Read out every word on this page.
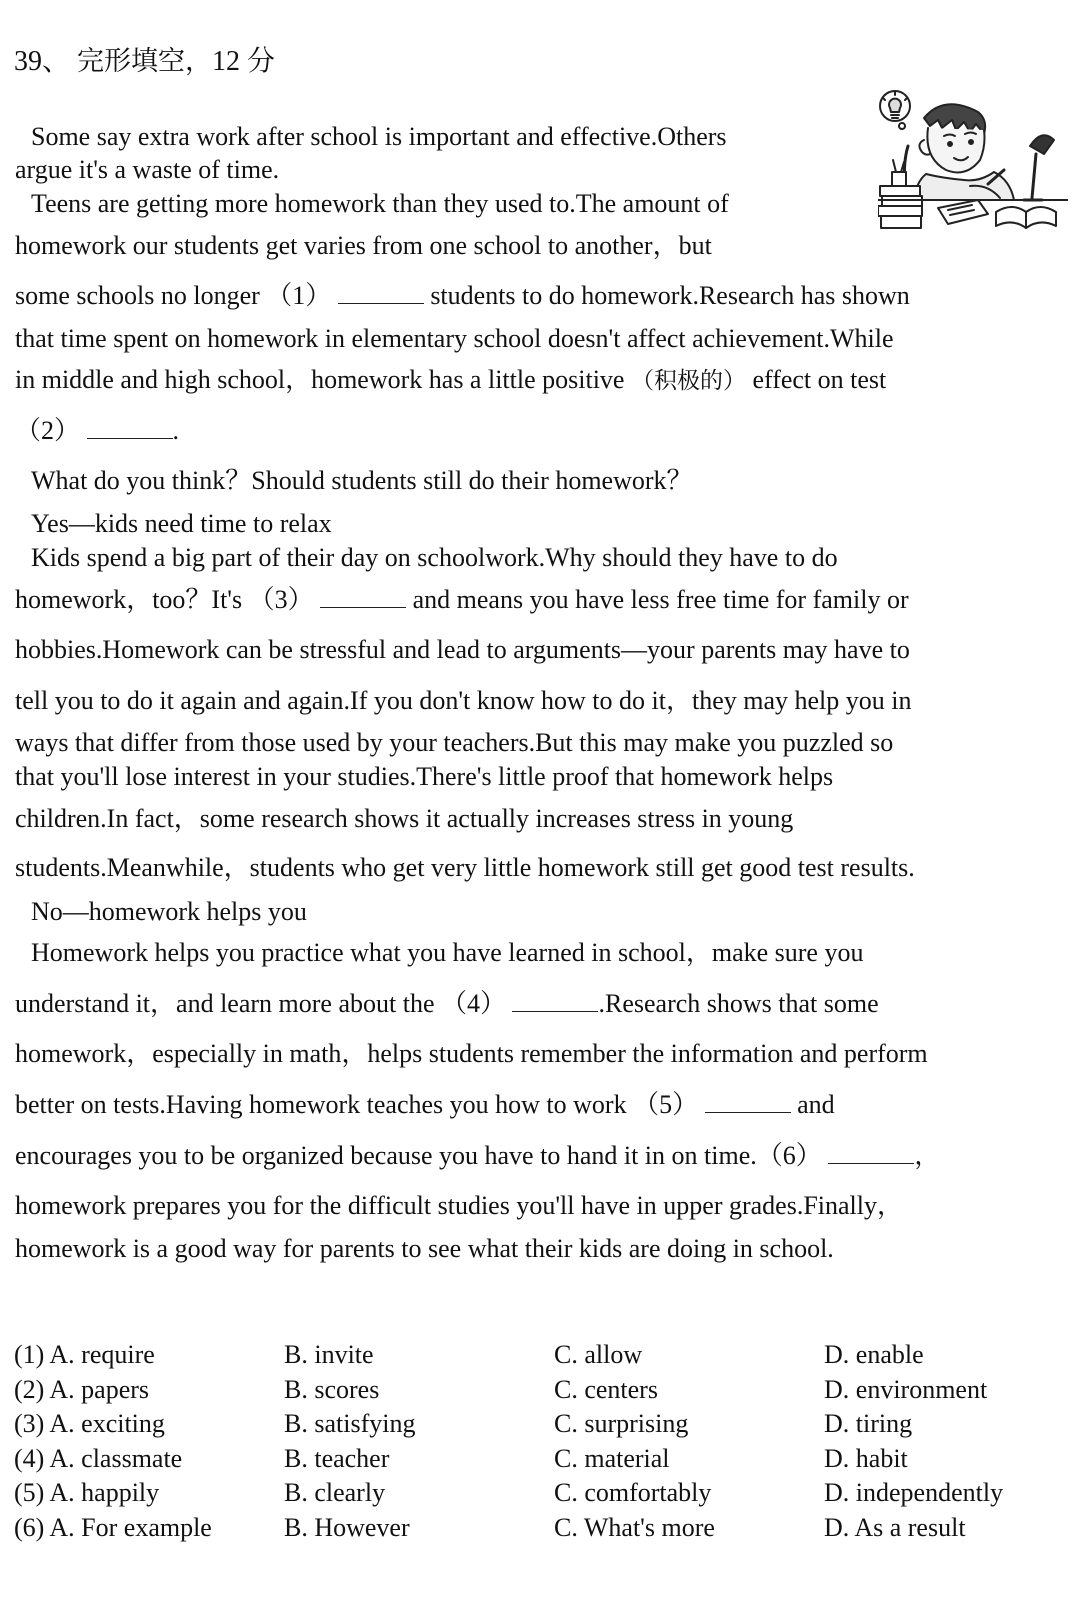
39、 完形填空，12 分
Some say extra work after school is important and effective.Others
argue it's a waste of time.
Teens are getting more homework than they used to.The amount of
homework our students get varies from one school to another，but
some schools no longer （1）	students to do homework.Research has shown
that time spent on homework in elementary school doesn't affect achievement.While
in middle and high school，homework has a little positive （积极的） effect on test
（2）	.
What do you think？Should students still do their homework？
Yes—kids need time to relax
Kids spend a big part of their day on schoolwork.Why should they have to do
homework，too？It's （3）	and means you have less free time for family or
hobbies.Homework can be stressful and lead to arguments—your parents may have to
tell you to do it again and again.If you don't know how to do it，they may help you in
ways that differ from those used by your teachers.But this may make you puzzled so
that you'll lose interest in your studies.There's little proof that homework helps
children.In fact，some research shows it actually increases stress in young
students.Meanwhile，students who get very little homework still get good test results.
No—homework helps you
Homework helps you practice what you have learned in school，make sure you
understand it，and learn more about the （4）	.Research shows that some
homework，especially in math，helps students remember the information and perform
better on tests.Having homework teaches you how to work （5）	and
encourages you to be organized because you have to hand it in on time.（6）	，
homework prepares you for the difficult studies you'll have in upper grades.Finally，
homework is a good way for parents to see what their kids are doing in school.
(1) A. require	B. invite	C. allow	D. enable
(2) A. papers	B. scores	C. centers	D. environment
(3) A. exciting	B. satisfying	C. surprising	D. tiring
(4) A. classmate	B. teacher	C. material	D. habit
(5) A. happily	B. clearly	C. comfortably	D. independently
(6) A. For example	B. However	C. What's more	D. As a result
